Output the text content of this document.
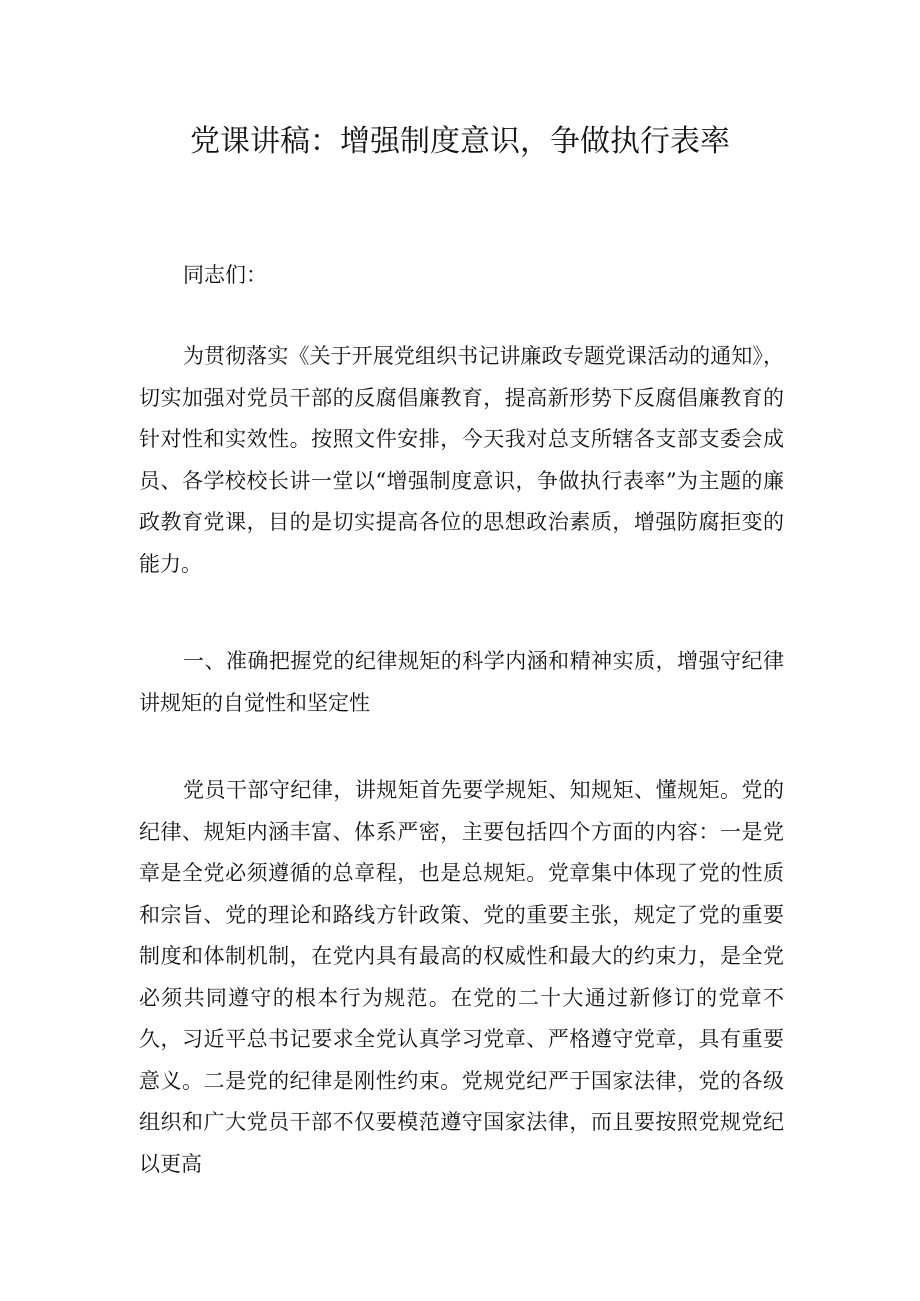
党课讲稿：增强制度意识，争做执行表率

同志们：

为贯彻落实《关于开展党组织书记讲廉政专题党课活动的通知》，切实加强对党员干部的反腐倡廉教育，提高新形势下反腐倡廉教育的针对性和实效性。按照文件安排，今天我对总支所辖各支部支委会成员、各学校校长讲一堂以“增强制度意识，争做执行表率”为主题的廉政教育党课，目的是切实提高各位的思想政治素质，增强防腐拒变的能力。

一、准确把握党的纪律规矩的科学内涵和精神实质，增强守纪律讲规矩的自觉性和坚定性

党员干部守纪律，讲规矩首先要学规矩、知规矩、懂规矩。党的纪律、规矩内涵丰富、体系严密，主要包括四个方面的内容：一是党章是全党必须遵循的总章程，也是总规矩。党章集中体现了党的性质和宗旨、党的理论和路线方针政策、党的重要主张，规定了党的重要制度和体制机制，在党内具有最高的权威性和最大的约束力，是全党必须共同遵守的根本行为规范。在党的二十大通过新修订的党章不久，习近平总书记要求全党认真学习党章、严格遵守党章，具有重要意义。二是党的纪律是刚性约束。党规党纪严于国家法律，党的各级组织和广大党员干部不仅要模范遵守国家法律，而且要按照党规党纪以更高
